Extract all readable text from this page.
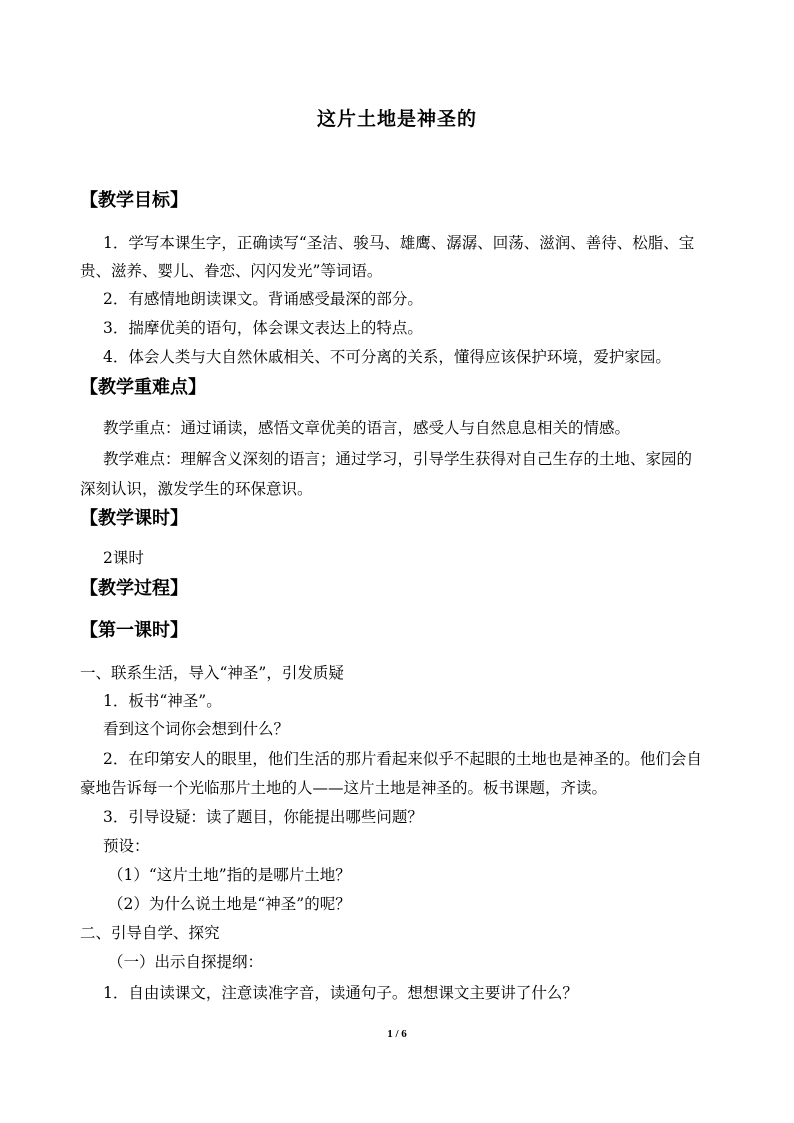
这片土地是神圣的
【教学目标】
1．学写本课生字，正确读写“圣洁、骏马、雄鹰、潺潺、回荡、滋润、善待、松脂、宝
贵、滋养、婴儿、眷恋、闪闪发光”等词语。
2．有感情地朗读课文。背诵感受最深的部分。
3．揣摩优美的语句，体会课文表达上的特点。
4．体会人类与大自然休戚相关、不可分离的关系，懂得应该保护环境，爱护家园。
【教学重难点】
教学重点：通过诵读，感悟文章优美的语言，感受人与自然息息相关的情感。
教学难点：理解含义深刻的语言；通过学习，引导学生获得对自己生存的土地、家园的
深刻认识，激发学生的环保意识。
【教学课时】
2课时
【教学过程】
【第一课时】
一、联系生活，导入“神圣”，引发质疑
1．板书“神圣”。
看到这个词你会想到什么？
2．在印第安人的眼里，他们生活的那片看起来似乎不起眼的土地也是神圣的。他们会自
豪地告诉每一个光临那片土地的人——这片土地是神圣的。板书课题，齐读。
3．引导设疑：读了题目，你能提出哪些问题？
预设：
（1）“这片土地”指的是哪片土地？
（2）为什么说土地是“神圣”的呢？
二、引导自学、探究
（一）出示自探提纲：
1．自由读课文，注意读准字音，读通句子。想想课文主要讲了什么？
1 / 6
